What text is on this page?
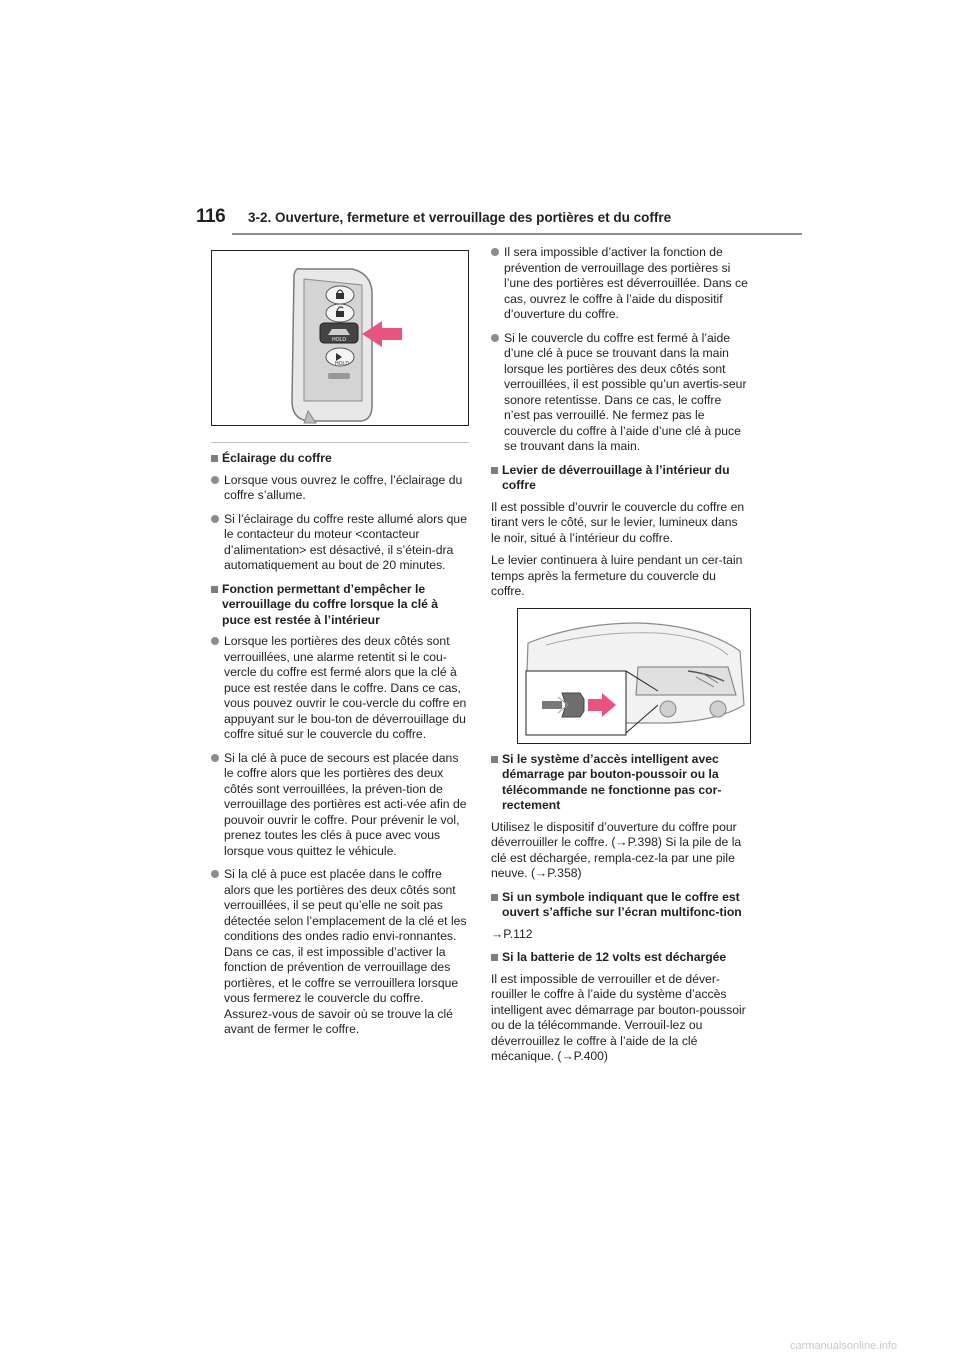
116 3-2. Ouverture, fermeture et verrouillage des portières et du coffre
HOLD
HOLD
Éclairage du coffre
Lorsque vous ouvrez le coffre, l’éclairage du coffre s’allume.
Si l’éclairage du coffre reste allumé alors que le contacteur du moteur <contacteur d’alimentation> est désactivé, il s’étein-dra automatiquement au bout de 20 minutes.
Fonction permettant d’empêcher le verrouillage du coffre lorsque la clé à puce est restée à l’intérieur
Lorsque les portières des deux côtés sont verrouillées, une alarme retentit si le cou-vercle du coffre est fermé alors que la clé à puce est restée dans le coffre. Dans ce cas, vous pouvez ouvrir le cou-vercle du coffre en appuyant sur le bou-ton de déverrouillage du coffre situé sur le couvercle du coffre.
Si la clé à puce de secours est placée dans le coffre alors que les portières des deux côtés sont verrouillées, la préven-tion de verrouillage des portières est acti-vée afin de pouvoir ouvrir le coffre. Pour prévenir le vol, prenez toutes les clés à puce avec vous lorsque vous quittez le véhicule.
Si la clé à puce est placée dans le coffre alors que les portières des deux côtés sont verrouillées, il se peut qu’elle ne soit pas détectée selon l’emplacement de la clé et les conditions des ondes radio envi-ronnantes. Dans ce cas, il est impossible d’activer la fonction de prévention de verrouillage des portières, et le coffre se verrouillera lorsque vous fermerez le couvercle du coffre. Assurez-vous de savoir où se trouve la clé avant de fermer le coffre.
Il sera impossible d’activer la fonction de prévention de verrouillage des portières si l’une des portières est déverrouillée. Dans ce cas, ouvrez le coffre à l’aide du dispositif d’ouverture du coffre.
Si le couvercle du coffre est fermé à l’aide d’une clé à puce se trouvant dans la main lorsque les portières des deux côtés sont verrouillées, il est possible qu’un avertis-seur sonore retentisse. Dans ce cas, le coffre n’est pas verrouillé. Ne fermez pas le couvercle du coffre à l’aide d’une clé à puce se trouvant dans la main.
Levier de déverrouillage à l’intérieur du coffre
Il est possible d’ouvrir le couvercle du coffre en tirant vers le côté, sur le levier, lumineux dans le noir, situé à l’intérieur du coffre.
Le levier continuera à luire pendant un cer-tain temps après la fermeture du couvercle du coffre.
Si le système d’accès intelligent avec démarrage par bouton-poussoir ou la télécommande ne fonctionne pas cor-rectement
Utilisez le dispositif d’ouverture du coffre pour déverrouiller le coffre. (→P.398) Si la pile de la clé est déchargée, rempla-cez-la par une pile neuve. (→P.358)
Si un symbole indiquant que le coffre est ouvert s’affiche sur l’écran multifonc-tion
→P.112
Si la batterie de 12 volts est déchargée
Il est impossible de verrouiller et de déver-rouiller le coffre à l’aide du système d’accès intelligent avec démarrage par bouton-poussoir ou de la télécommande. Verrouil-lez ou déverrouillez le coffre à l’aide de la clé mécanique. (→P.400)
carmanualsonline.info
